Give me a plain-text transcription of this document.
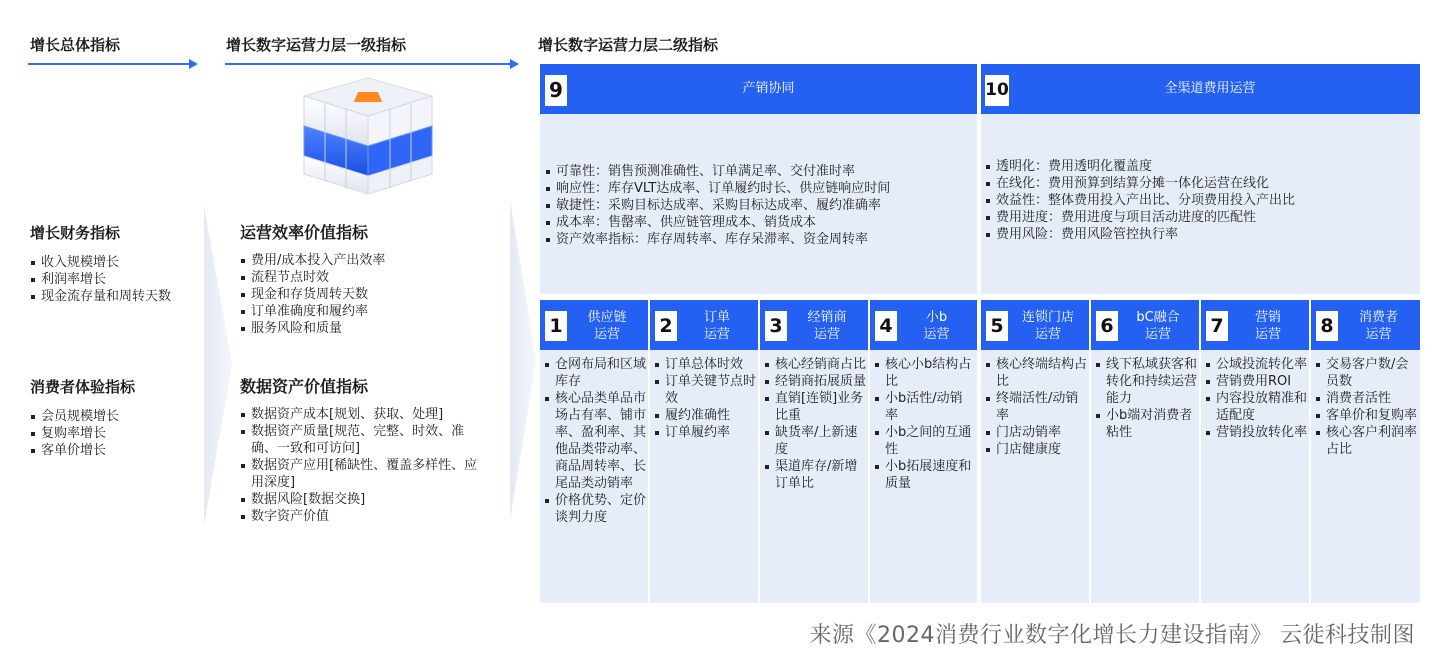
增长总体指标	增长数字运营力层一级指标	增长数字运营力层二级指标
增长财务指标
收入规模增长
利润率增长
现金流存量和周转天数
消费者体验指标
会员规模增长
复购率增长
客单价增长
运营效率价值指标
费用/成本投入产出效率
流程节点时效
现金和存货周转天数
订单准确度和履约率
服务风险和质量
数据资产价值指标
数据资产成本[规划、获取、处理]
数据资产质量[规范、完整、时效、准确、一致和可访问]
数据资产应用[稀缺性、覆盖多样性、应用深度]
数据风险[数据交换]
数字资产价值
9	产销协同
可靠性：销售预测准确性、订单满足率、交付准时率
响应性：库存VLT达成率、订单履约时长、供应链响应时间
敏捷性：采购目标达成率、采购目标达成率、履约准确率
成本率：售罄率、供应链管理成本、销货成本
资产效率指标：库存周转率、库存呆滞率、资金周转率
10	全渠道费用运营
透明化：费用透明化覆盖度
在线化：费用预算到结算分摊一体化运营在线化
效益性：整体费用投入产出比、分项费用投入产出比
费用进度：费用进度与项目活动进度的匹配性
费用风险：费用风险管控执行率
1	供应链
运营
仓网布局和区域库存
核心品类单品市场占有率、铺市率、盈利率、其他品类带动率、商品周转率、长尾品类动销率
价格优势、定价谈判力度
2	订单
运营
订单总体时效
订单关键节点时效
履约准确性
订单履约率
3	经销商
运营
核心经销商占比
经销商拓展质量
直销[连锁]业务比重
缺货率/上新速度
渠道库存/新增订单比
4	小b
运营
核心小b结构占比
小b活性/动销率
小b之间的互通性
小b拓展速度和质量
5	连锁门店
运营
核心终端结构占比
终端活性/动销率
门店动销率
门店健康度
6	bC融合
运营
线下私域获客和转化和持续运营能力
小b端对消费者粘性
7	营销
运营
公域投流转化率
营销费用ROI
内容投放精准和适配度
营销投放转化率
8	消费者
运营
交易客户数/会员数
消费者活性
客单价和复购率
核心客户利润率占比
来源《2024消费行业数字化增长力建设指南》 云徙科技制图
